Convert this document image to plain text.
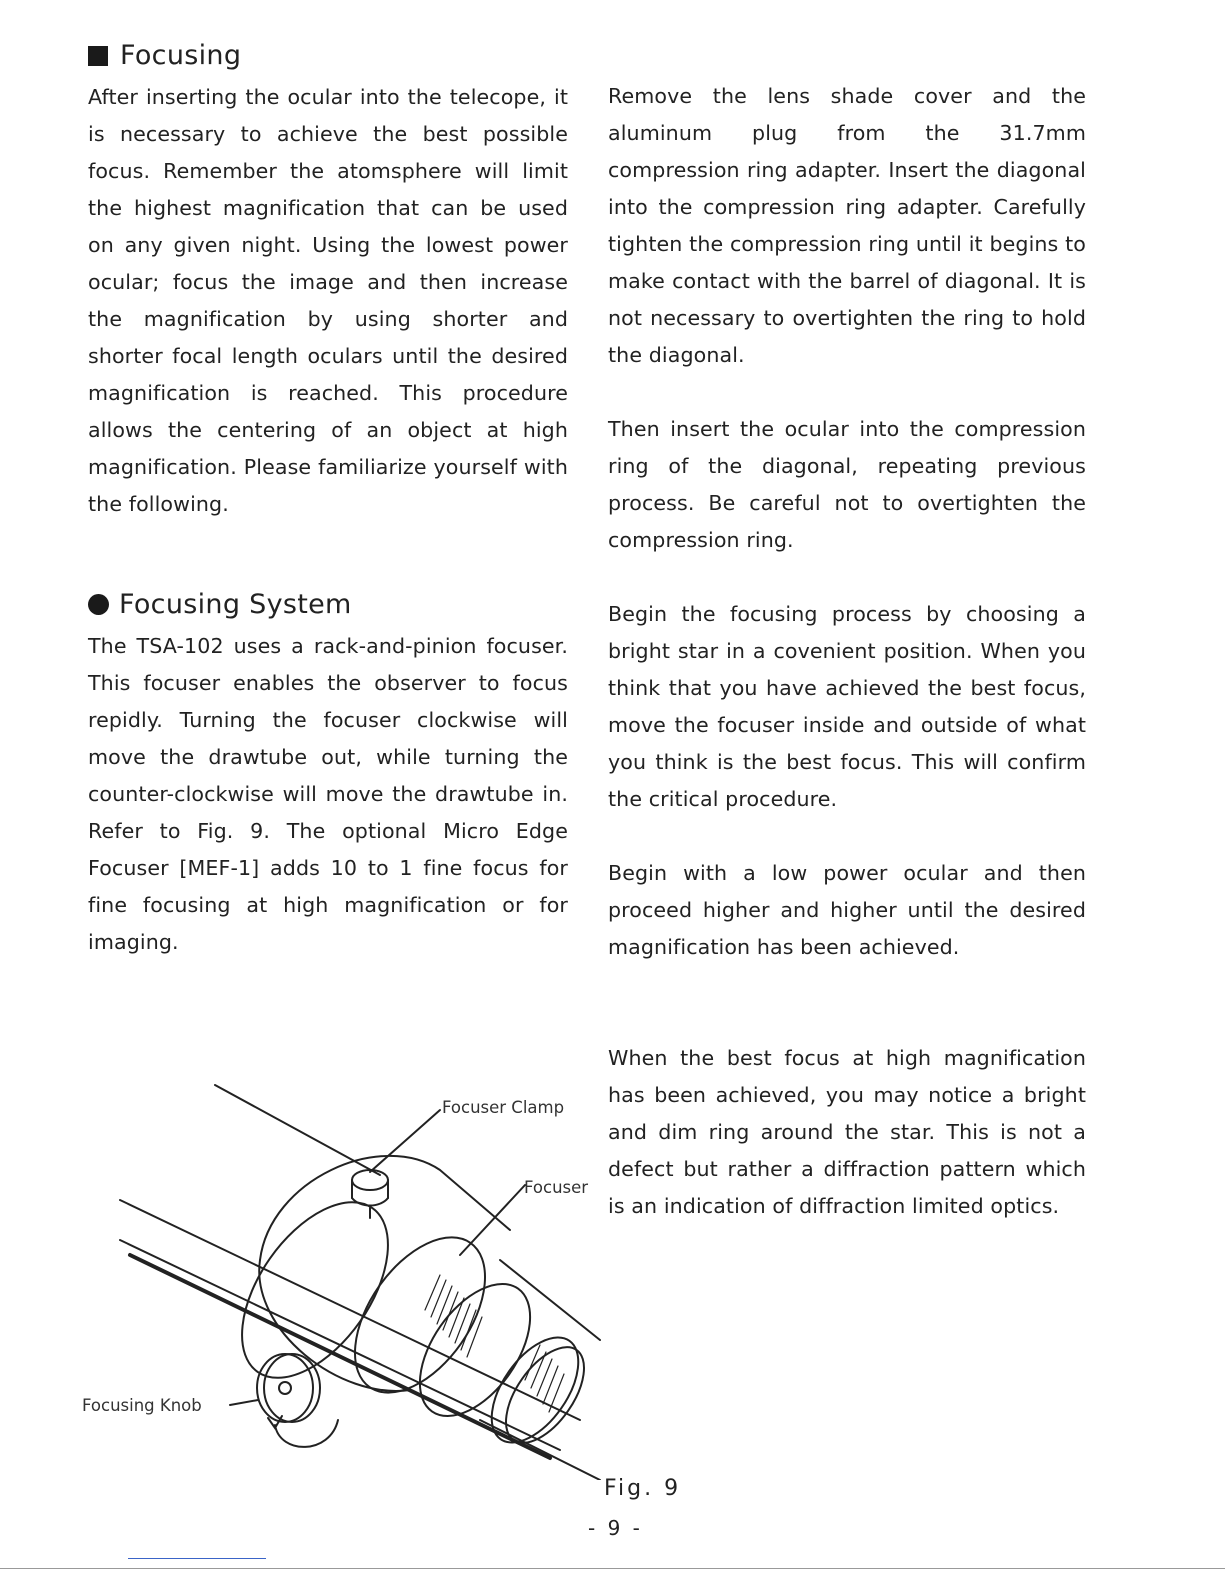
Focusing

After inserting the ocular into the telecope, it is necessary to achieve the best possible focus. Remember the atomsphere will limit the highest magnification that can be used on any given night. Using the lowest power ocular; focus the image and then increase the magnification by using shorter and shorter focal length oculars until the desired magnification is reached. This procedure allows the centering of an object at high magnification. Please familiarize yourself with the following.

Focusing System

The TSA-102 uses a rack-and-pinion focuser. This focuser enables the observer to focus repidly. Turning the focuser clockwise will move the drawtube out, while turning the counter-clockwise will move the drawtube in. Refer to Fig. 9. The optional Micro Edge Focuser [MEF-1] adds 10 to 1 fine focus for fine focusing at high magnification or for imaging.

Remove the lens shade cover and the aluminum plug from the 31.7mm compression ring adapter. Insert the diagonal into the compression ring adapter. Carefully tighten the compression ring until it begins to make contact with the barrel of diagonal. It is not necessary to overtighten the ring to hold the diagonal.

Then insert the ocular into the compression ring of the diagonal, repeating previous process. Be careful not to overtighten the compression ring.

Begin the focusing process by choosing a bright star in a covenient position. When you think that you have achieved the best focus, move the focuser inside and outside of what you think is the best focus. This will confirm the critical procedure.

Begin with a low power ocular and then proceed higher and higher until the desired magnification has been achieved.

When the best focus at high magnification has been achieved, you may notice a bright and dim ring around the star. This is not a defect but rather a diffraction pattern which is an indication of diffraction limited optics.

Focuser Clamp
Focuser
Focusing Knob
Fig. 9
- 9 -
